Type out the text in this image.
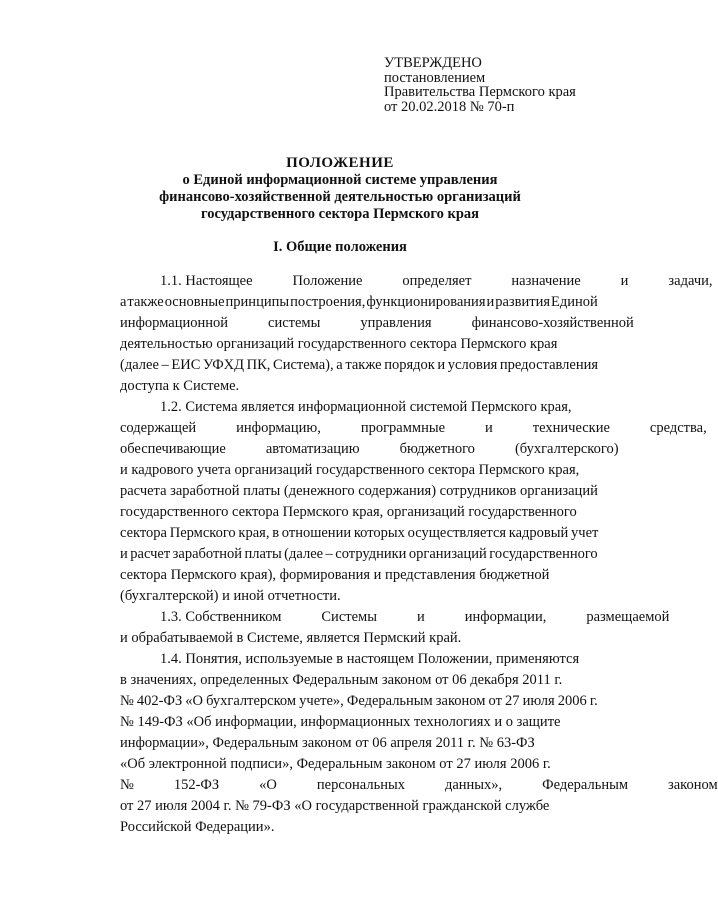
УТВЕРЖДЕНО
постановлением
Правительства Пермского края
от 20.02.2018 № 70-п
ПОЛОЖЕНИЕ
о Единой информационной системе управления
финансово-хозяйственной деятельностью организаций
государственного сектора Пермского края
I. Общие положения

1.1. Настоящее	Положение	определяет	назначение	и	задачи,
а также основные принципы построения, функционирования и развития Единой
информационной	системы	управления	финансово-хозяйственной
деятельностью организаций государственного сектора Пермского края
(далее – ЕИС УФХД ПК, Система), а также порядок и условия предоставления
доступа к Системе.

1.2. Система является информационной системой Пермского края,
содержащей	информацию,	программные	и	технические	средства,
обеспечивающие	автоматизацию	бюджетного	(бухгалтерского)
и кадрового учета организаций государственного сектора Пермского края,
расчета заработной платы (денежного содержания) сотрудников организаций
государственного сектора Пермского края, организаций государственного
сектора Пермского края, в отношении которых осуществляется кадровый учет
и расчет заработной платы (далее – сотрудники организаций государственного
сектора Пермского края), формирования и представления бюджетной
(бухгалтерской) и иной отчетности.

1.3. Собственником	Системы	и	информации,	размещаемой
и обрабатываемой в Системе, является Пермский край.

1.4. Понятия, используемые в настоящем Положении, применяются
в значениях, определенных Федеральным законом от 06 декабря 2011 г.
№ 402-ФЗ «О бухгалтерском учете», Федеральным законом от 27 июля 2006 г.
№ 149-ФЗ «Об информации, информационных технологиях и о защите
информации», Федеральным законом от 06 апреля 2011 г. № 63-ФЗ
«Об электронной подписи», Федеральным законом от 27 июля 2006 г.
№	152-ФЗ	«О	персональных	данных»,	Федеральным	законом
от 27 июля 2004 г. № 79-ФЗ «О государственной гражданской службе
Российской Федерации».
